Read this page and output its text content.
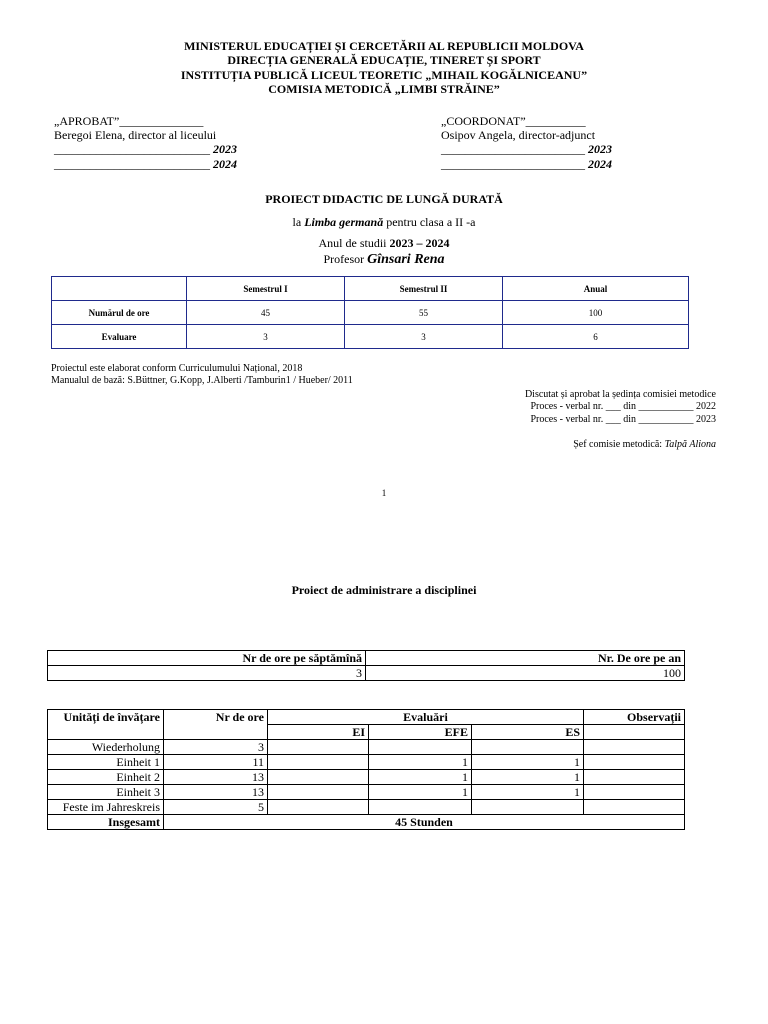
MINISTERUL EDUCAȚIEI ȘI CERCETĂRII AL REPUBLICII MOLDOVA
DIRECȚIA GENERALĂ EDUCAȚIE, TINERET ȘI SPORT
INSTITUȚIA PUBLICĂ LICEUL TEORETIC „MIHAIL KOGĂLNICEANU”
COMISIA METODICĂ „LIMBI STRĂINE”
„APROBAT”______________
Beregoi Elena, director al liceului
__________________________ 2023
__________________________ 2024
„COORDONAT”__________
Osipov Angela, director-adjunct
________________________ 2023
________________________ 2024
PROIECT DIDACTIC DE LUNGĂ DURATĂ
la Limba germană pentru clasa a II -a
Anul de studii 2023 – 2024
Profesor Gînsari Rena
	Semestrul I	Semestrul II	Anual
Numărul de ore	45	55	100
Evaluare	3	3	6
Proiectul este elaborat conform Curriculumului Național, 2018
Manualul de bază: S.Büttner, G.Kopp, J.Alberti /Tamburin1 / Hueber/ 2011
Discutat și aprobat la ședința comisiei metodice
Proces - verbal nr. ___ din ___________ 2022
Proces - verbal nr. ___ din ___________ 2023
Șef comisie metodică: Talpă Aliona
1
Proiect de administrare a disciplinei
Nr de ore pe săptămînă	Nr. De ore pe an
3	100
Unități de învățare	Nr de ore	Evaluări			Observații
		EI	EFE	ES	
Wiederholung	3				
Einheit 1	11		1	1	
Einheit 2	13		1	1	
Einheit 3	13		1	1	
Feste im Jahreskreis	5				
Insgesamt	45 Stunden				
